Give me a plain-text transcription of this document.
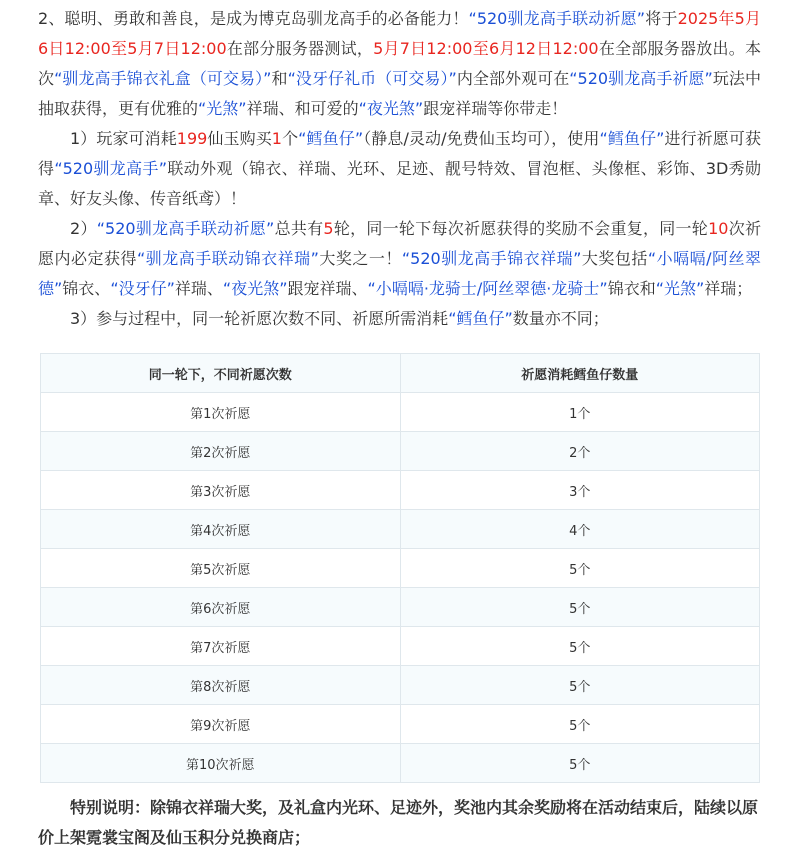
2、聪明、勇敢和善良，是成为博克岛驯龙高手的必备能力！“520驯龙高手联动祈愿”将于2025年5月6日12:00至5月7日12:00在部分服务器测试，5月7日12:00至6月12日12:00在全部服务器放出。本次“驯龙高手锦衣礼盒（可交易）”和“没牙仔礼币（可交易）”内全部外观可在“520驯龙高手祈愿”玩法中抽取获得，更有优雅的“光煞”祥瑞、和可爱的“夜光煞”跟宠祥瑞等你带走！

1）玩家可消耗199仙玉购买1个“鳕鱼仔”（静息/灵动/免费仙玉均可），使用“鳕鱼仔”进行祈愿可获得“520驯龙高手”联动外观（锦衣、祥瑞、光环、足迹、靓号特效、冒泡框、头像框、彩饰、3D秀勋章、好友头像、传音纸鸢）！

2）“520驯龙高手联动祈愿”总共有5轮，同一轮下每次祈愿获得的奖励不会重复，同一轮10次祈愿内必定获得“驯龙高手联动锦衣祥瑞”大奖之一！“520驯龙高手锦衣祥瑞”大奖包括“小嗝嗝/阿丝翠德”锦衣、“没牙仔”祥瑞、“夜光煞”跟宠祥瑞、“小嗝嗝·龙骑士/阿丝翠德·龙骑士”锦衣和“光煞”祥瑞；

3）参与过程中，同一轮祈愿次数不同、祈愿所需消耗“鳕鱼仔”数量亦不同；

同一轮下，不同祈愿次数	祈愿消耗鳕鱼仔数量
第1次祈愿	1个
第2次祈愿	2个
第3次祈愿	3个
第4次祈愿	4个
第5次祈愿	5个
第6次祈愿	5个
第7次祈愿	5个
第8次祈愿	5个
第9次祈愿	5个
第10次祈愿	5个

特别说明：除锦衣祥瑞大奖，及礼盒内光环、足迹外，奖池内其余奖励将在活动结束后，陆续以原价上架霓裳宝阁及仙玉积分兑换商店；
